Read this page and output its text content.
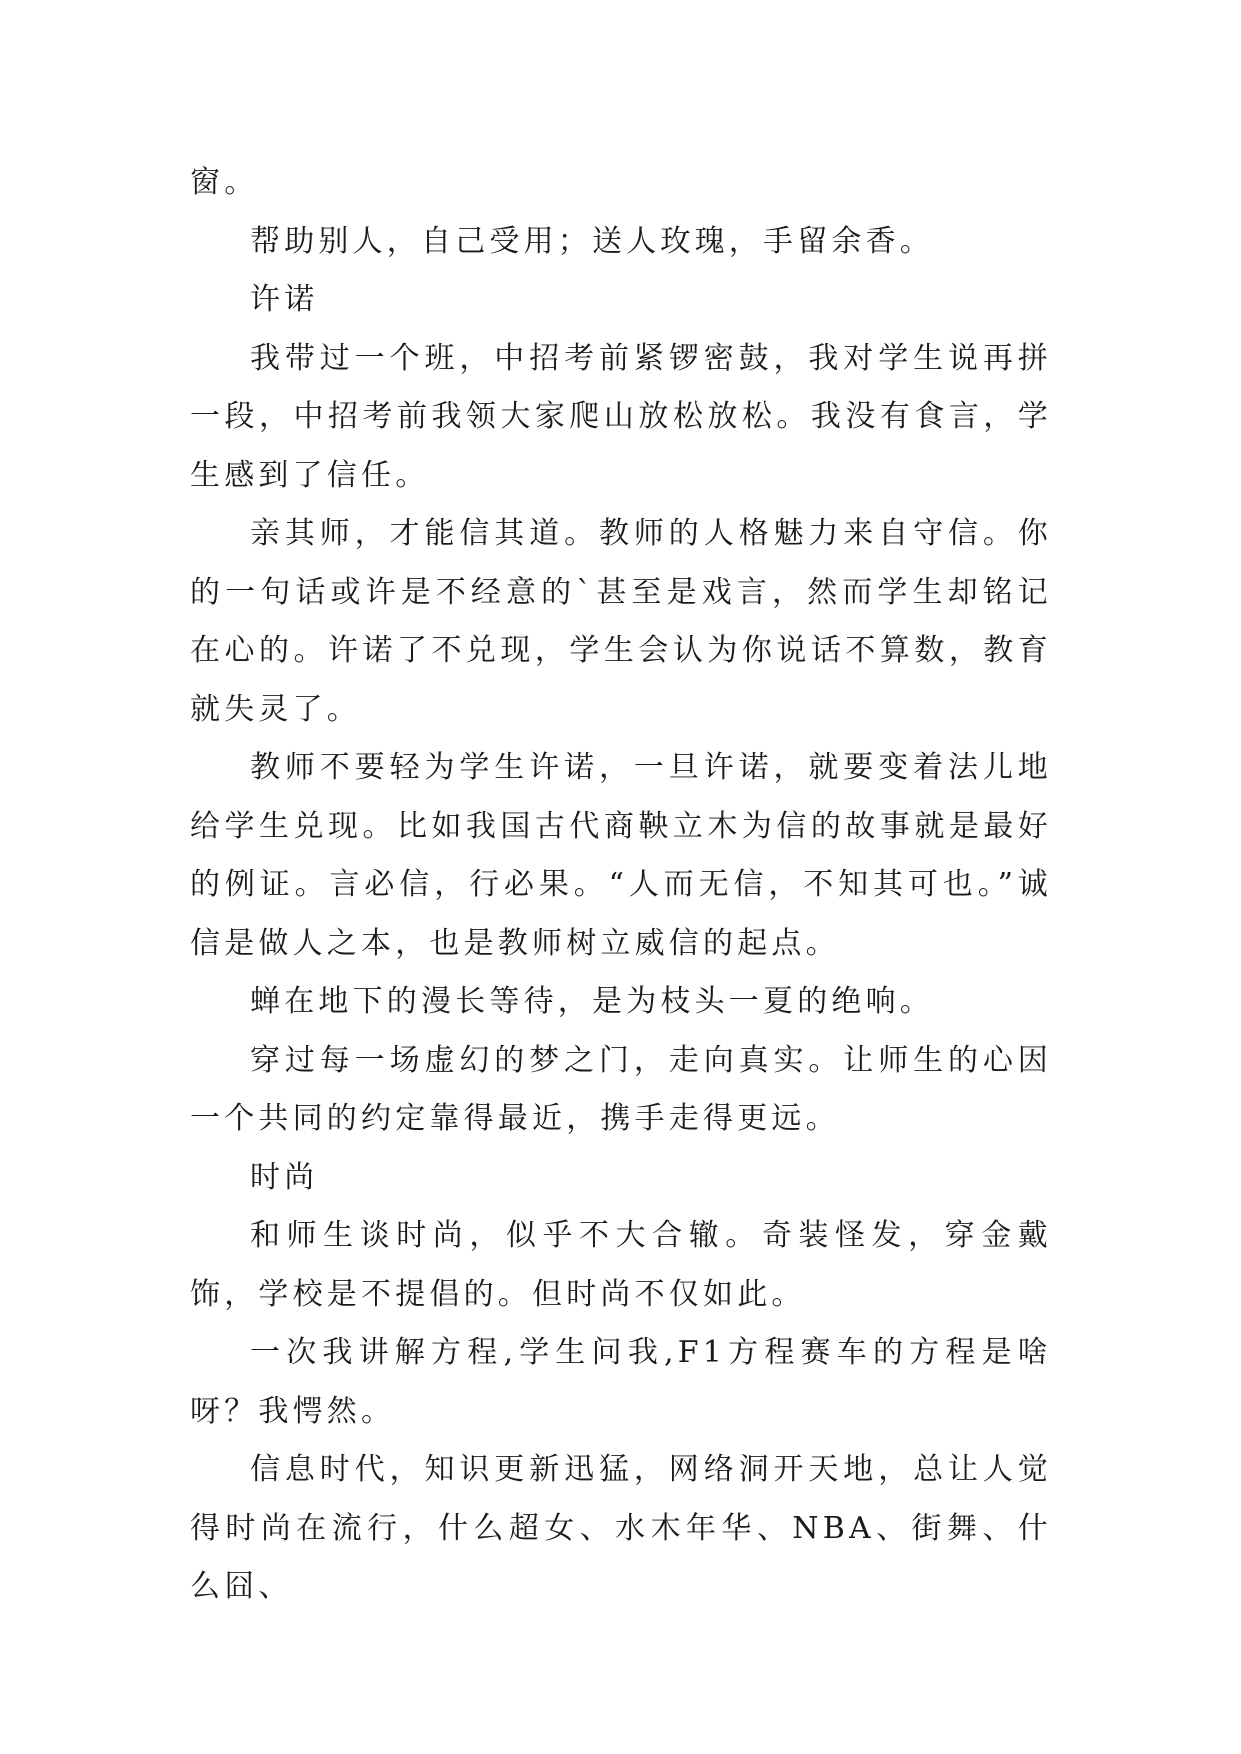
窗。

帮助别人，自己受用；送人玫瑰，手留余香。

许诺

我带过一个班，中招考前紧锣密鼓，我对学生说再拼一段，中招考前我领大家爬山放松放松。我没有食言，学生感到了信任。

亲其师，才能信其道。教师的人格魅力来自守信。你的一句话或许是不经意的`甚至是戏言，然而学生却铭记在心的。许诺了不兑现，学生会认为你说话不算数，教育就失灵了。

教师不要轻为学生许诺，一旦许诺，就要变着法儿地给学生兑现。比如我国古代商鞅立木为信的故事就是最好的例证。言必信，行必果。“人而无信，不知其可也。”诚信是做人之本，也是教师树立威信的起点。

蝉在地下的漫长等待，是为枝头一夏的绝响。

穿过每一场虚幻的梦之门，走向真实。让师生的心因一个共同的约定靠得最近，携手走得更远。

时尚

和师生谈时尚，似乎不大合辙。奇装怪发，穿金戴饰，学校是不提倡的。但时尚不仅如此。

一次我讲解方程,学生问我,F1方程赛车的方程是啥呀？我愕然。

信息时代，知识更新迅猛，网络洞开天地，总让人觉得时尚在流行，什么超女、水木年华、NBA、街舞、什么囧、
